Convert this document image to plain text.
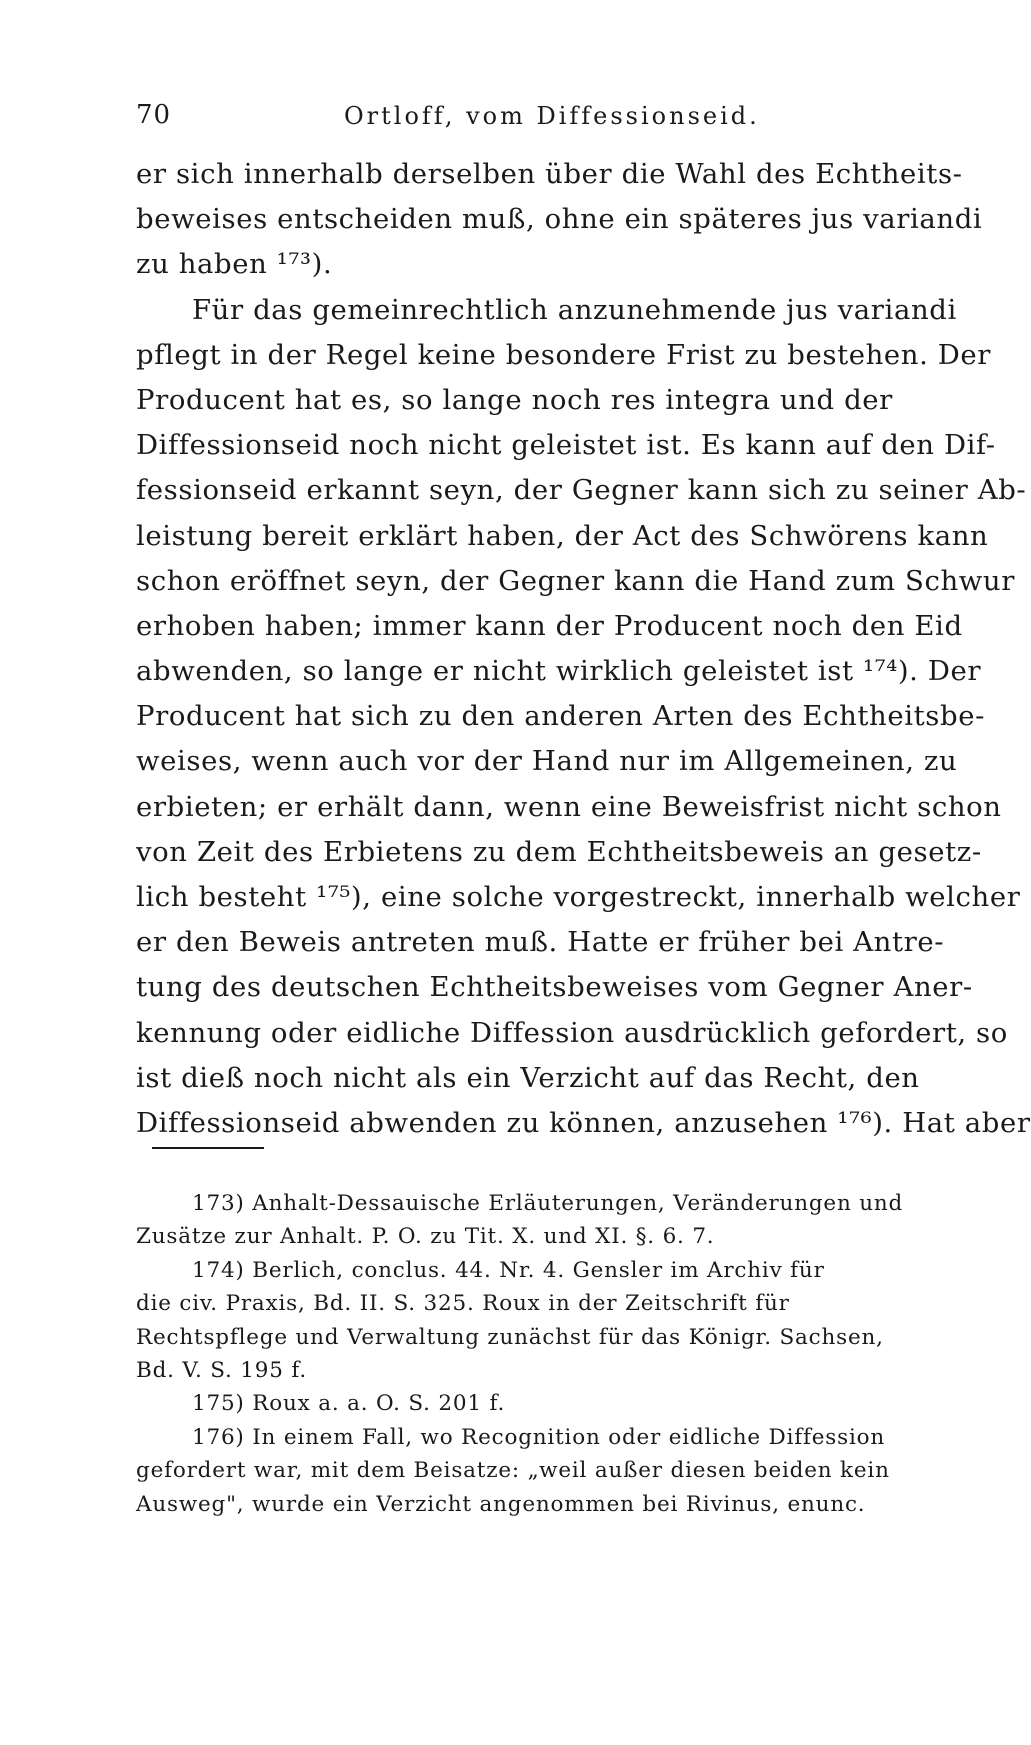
70	Ortloff, vom Diffessionseid.
er sich innerhalb derselben über die Wahl des Echtheits-
beweises entscheiden muß, ohne ein späteres jus variandi
zu haben ¹⁷³).
Für das gemeinrechtlich anzunehmende jus variandi
pflegt in der Regel keine besondere Frist zu bestehen. Der
Producent hat es, so lange noch res integra und der
Diffessionseid noch nicht geleistet ist. Es kann auf den Dif-
fessionseid erkannt seyn, der Gegner kann sich zu seiner Ab-
leistung bereit erklärt haben, der Act des Schwörens kann
schon eröffnet seyn, der Gegner kann die Hand zum Schwur
erhoben haben; immer kann der Producent noch den Eid
abwenden, so lange er nicht wirklich geleistet ist ¹⁷⁴). Der
Producent hat sich zu den anderen Arten des Echtheitsbe-
weises, wenn auch vor der Hand nur im Allgemeinen, zu
erbieten; er erhält dann, wenn eine Beweisfrist nicht schon
von Zeit des Erbietens zu dem Echtheitsbeweis an gesetz-
lich besteht ¹⁷⁵), eine solche vorgestreckt, innerhalb welcher
er den Beweis antreten muß. Hatte er früher bei Antre-
tung des deutschen Echtheitsbeweises vom Gegner Aner-
kennung oder eidliche Diffession ausdrücklich gefordert, so
ist dieß noch nicht als ein Verzicht auf das Recht, den
Diffessionseid abwenden zu können, anzusehen ¹⁷⁶). Hat aber
173) Anhalt-Dessauische Erläuterungen, Veränderungen und
Zusätze zur Anhalt. P. O. zu Tit. X. und XI. §. 6. 7.
174) Berlich, conclus. 44. Nr. 4. Gensler im Archiv für
die civ. Praxis, Bd. II. S. 325. Roux in der Zeitschrift für
Rechtspflege und Verwaltung zunächst für das Königr. Sachsen,
Bd. V. S. 195 f.
175) Roux a. a. O. S. 201 f.
176) In einem Fall, wo Recognition oder eidliche Diffession
gefordert war, mit dem Beisatze: „weil außer diesen beiden kein
Ausweg", wurde ein Verzicht angenommen bei Rivinus, enunc.
